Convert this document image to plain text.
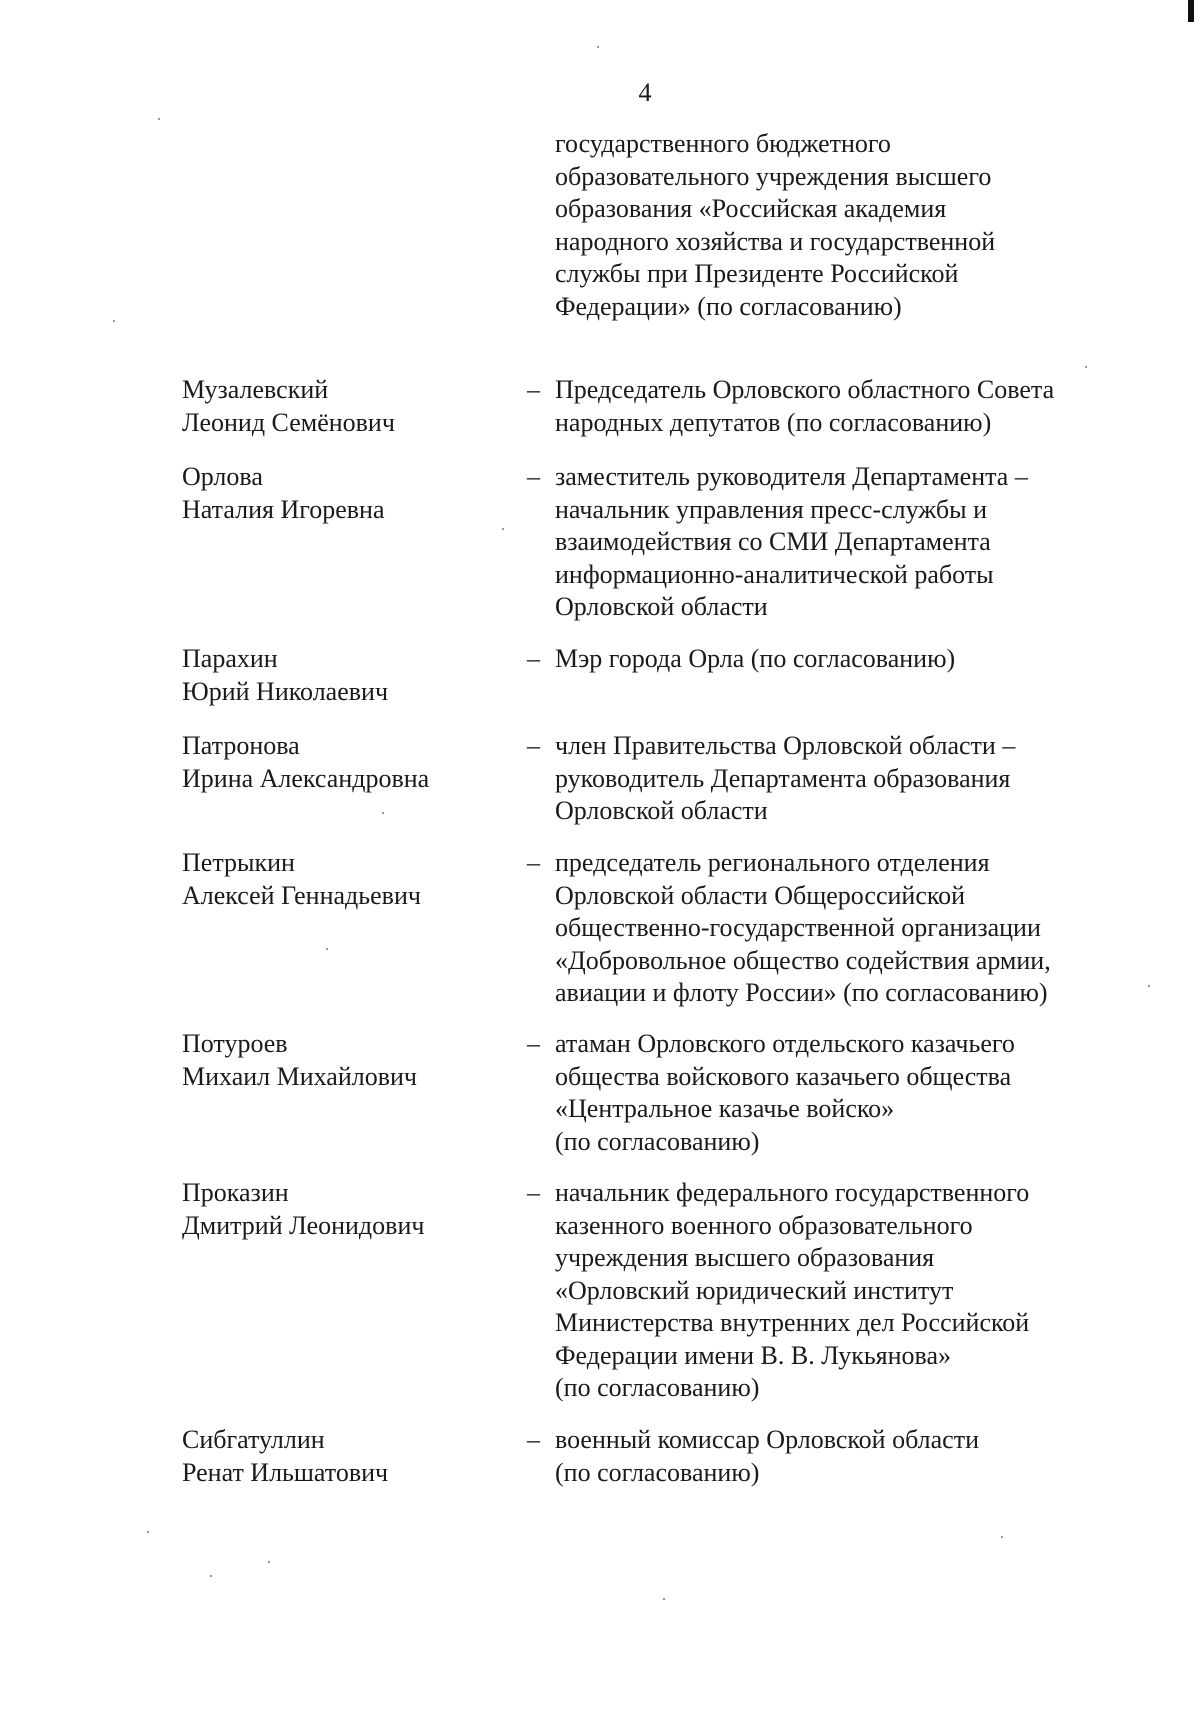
4
государственного бюджетного
образовательного учреждения высшего
образования «Российская академия
народного хозяйства и государственной
службы при Президенте Российской
Федерации» (по согласованию)
Музалевский
Леонид Семёнович
– Председатель Орловского областного Совета
народных депутатов (по согласованию)
Орлова
Наталия Игоревна
– заместитель руководителя Департамента –
начальник управления пресс-службы и
взаимодействия со СМИ Департамента
информационно-аналитической работы
Орловской области
Парахин
Юрий Николаевич
– Мэр города Орла (по согласованию)
Патронова
Ирина Александровна
– член Правительства Орловской области –
руководитель Департамента образования
Орловской области
Петрыкин
Алексей Геннадьевич
– председатель регионального отделения
Орловской области Общероссийской
общественно-государственной организации
«Добровольное общество содействия армии,
авиации и флоту России» (по согласованию)
Потуроев
Михаил Михайлович
– атаман Орловского отдельского казачьего
общества войскового казачьего общества
«Центральное казачье войско»
(по согласованию)
Проказин
Дмитрий Леонидович
– начальник федерального государственного
казенного военного образовательного
учреждения высшего образования
«Орловский юридический институт
Министерства внутренних дел Российской
Федерации имени В. В. Лукьянова»
(по согласованию)
Сибгатуллин
Ренат Ильшатович
– военный комиссар Орловской области
(по согласованию)
